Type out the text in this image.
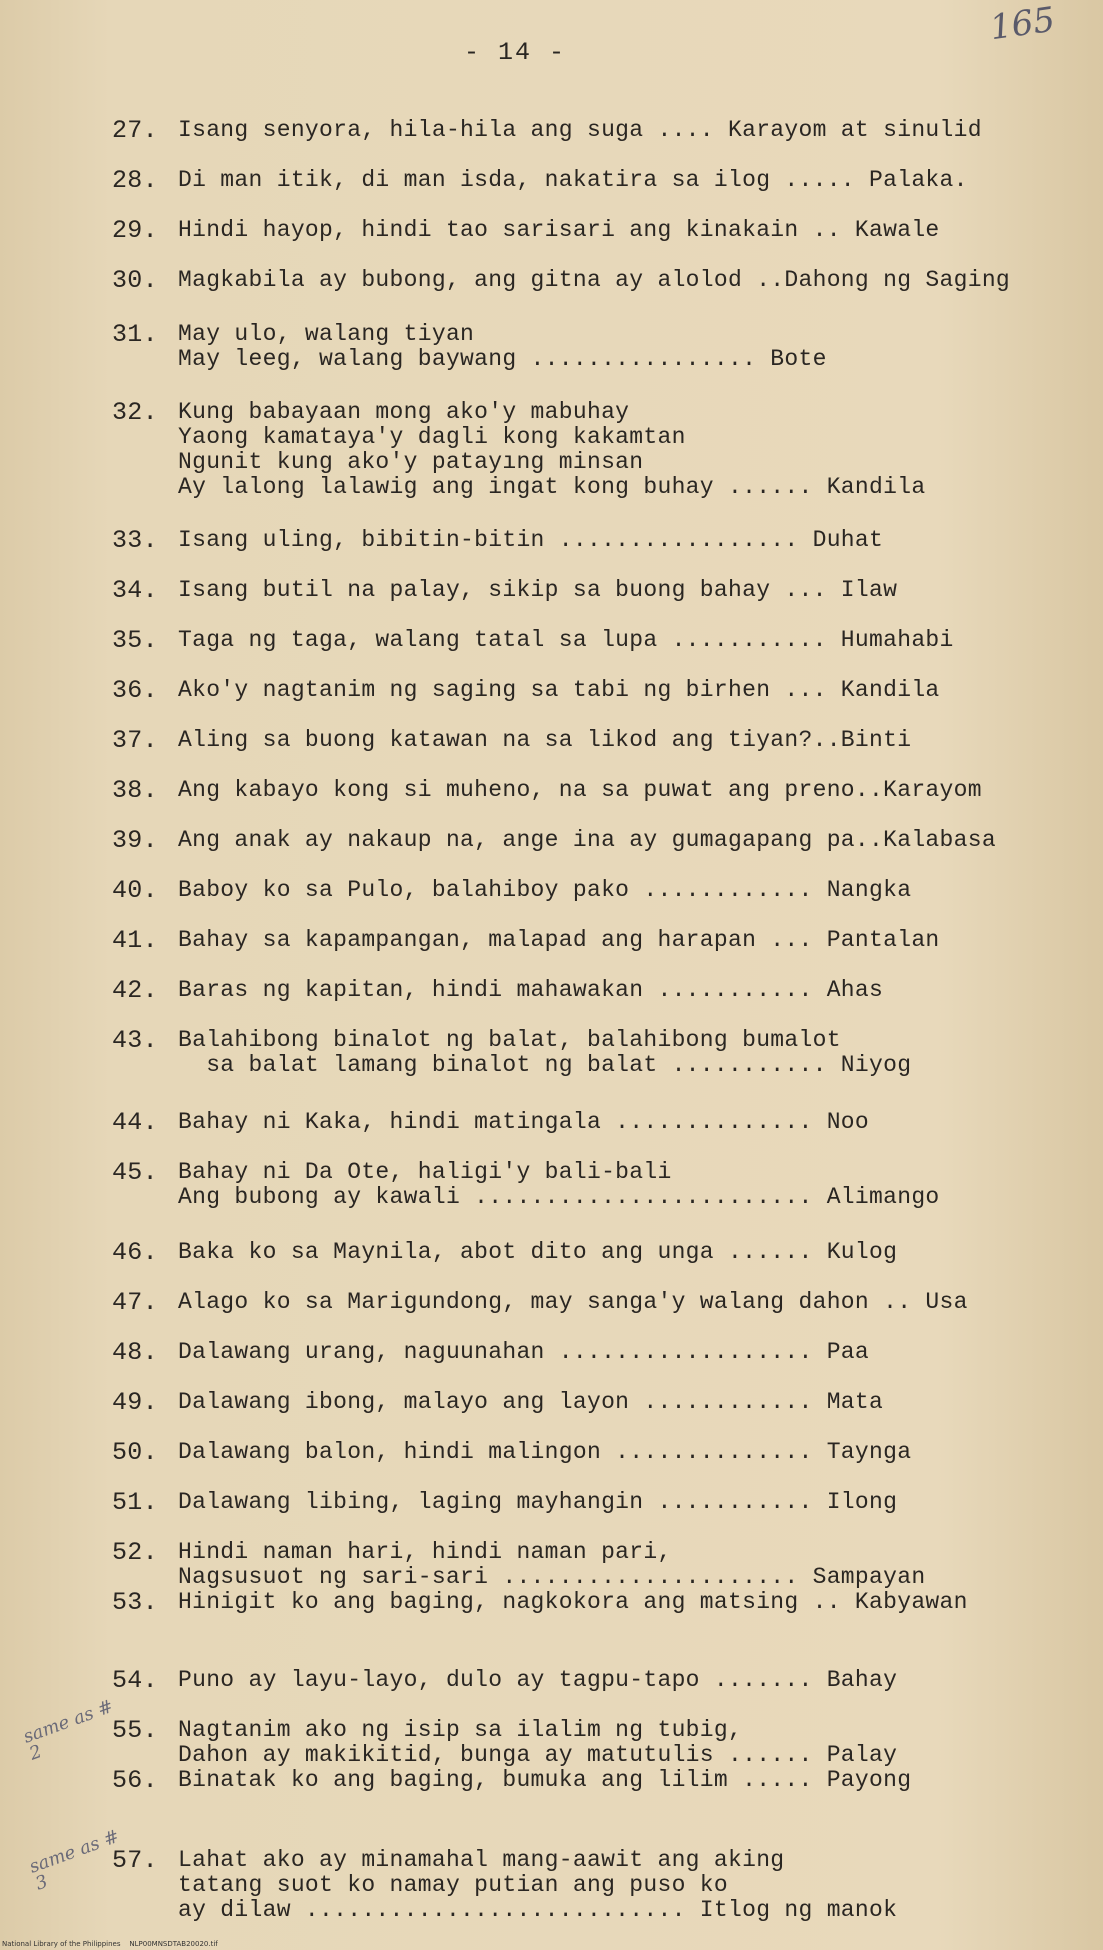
165
- 14 -
27. Isang senyora, hila-hila ang suga .... Karayom at sinulid
28. Di man itik, di man isda, nakatira sa ilog ..... Palaka.
29. Hindi hayop, hindi tao sarisari ang kinakain .. Kawale
30. Magkabila ay bubong, ang gitna ay alolod ..Dahong ng Saging
31. May ulo, walang tiyan
May leeg, walang baywang ................ Bote
32. Kung babayaan mong ako'y mabuhay
Yaong kamatayа'y dagli kong kakamtan
Ngunit kung ako'y patayıng minsan
Ay lalong lalawig ang ingat kong buhay ...... Kandila
33. Isang uling, bibitin-bitin ................. Duhat
34. Isang butil na palay, sikip sa buong bahay ... Ilaw
35. Taga ng taga, walang tatal sa lupa ........... Humahabi
36. Ako'y nagtanim ng saging sa tabi ng birhen ... Kandila
37. Aling sa buong katawan na sa likod ang tiyan?..Binti
38. Ang kabayo kong si muheno, na sa puwat ang preno..Karayom
39. Ang anak ay nakaup na, ange ina ay gumagapang pa..Kalabasa
40. Baboy ko sa Pulo, balahiboy pako ............ Nangka
41. Bahay sa kapampangan, malapad ang harapan ... Pantalan
42. Baras ng kapitan, hindi mahawakan ........... Ahas
43. Balahibong binalot ng balat, balahibong bumalot
sa balat lamang binalot ng balat ........... Niyog
44. Bahay ni Kaka, hindi matingala .............. Noo
45. Bahay ni Da Ote, haligi'y bali-bali
Ang bubong ay kawali ........................ Alimango
46. Baka ko sa Maynila, abot dito ang unga ...... Kulog
47. Alago ko sa Marigundong, may sanga'y walang dahon .. Usa
48. Dalawang urang, naguunahan .................. Paa
49. Dalawang ibong, malayo ang layon ............ Mata
50. Dalawang balon, hindi malingon .............. Taynga
51. Dalawang libing, laging mayhangin ........... Ilong
52. Hindi naman hari, hindi naman pari,
Nagsusuot ng sari-sari ..................... Sampayan
53. Hinigit ko ang baging, nagkokora ang matsing .. Kabyawan
54. Puno ay layu-layo, dulo ay tagpu-tapo ....... Bahay
55. Nagtanim ako ng isip sa ilalim ng tubig,
Dahon ay makikitid, bunga ay matutulis ...... Palay
56. Binatak ko ang baging, bumuka ang lilim ..... Payong
57. Lahat ako ay minamahal mang-aawit ang aking
tatang suot ko namay putian ang puso ko
ay dilaw ........................... Itlog ng manok
same as # 2
same as # 3
National Library of the Philippines    NLP00MNSDTAB20020.tif
